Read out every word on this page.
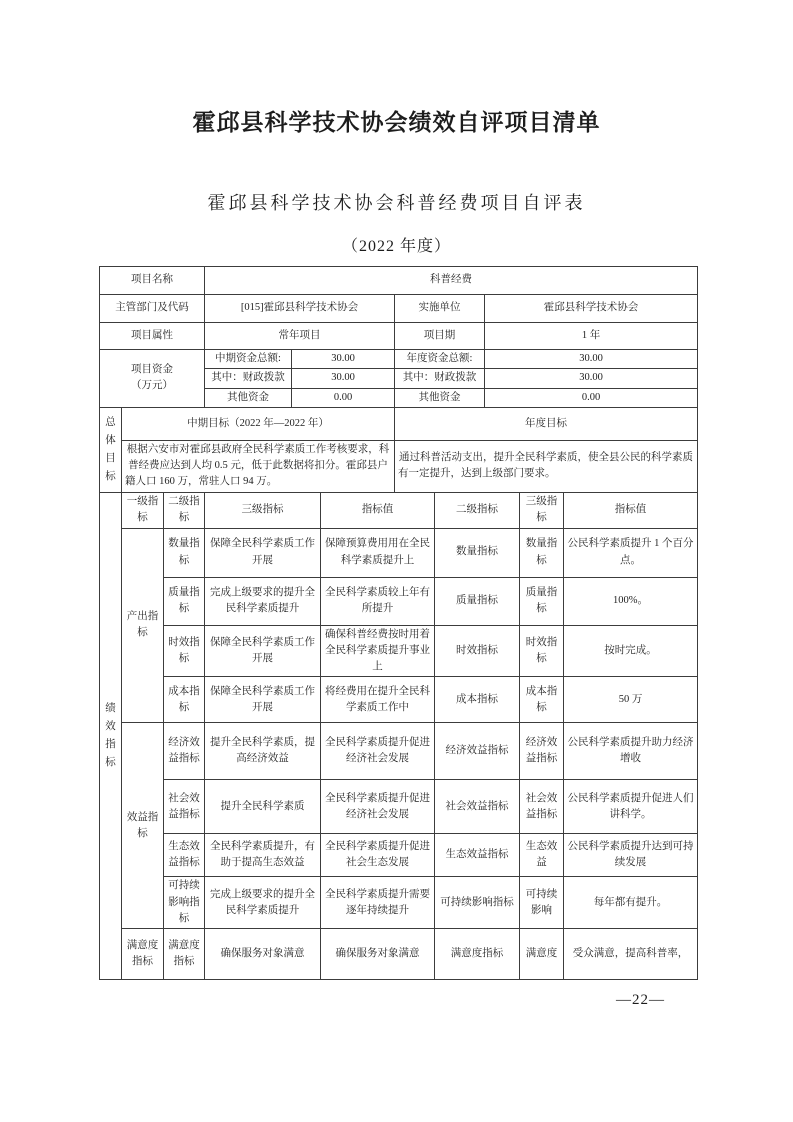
霍邱县科学技术协会绩效自评项目清单
霍邱县科学技术协会科普经费项目自评表
（2022 年度）
项目名称			科普经费							
主管部门及代码			[015]霍邱县科学技术协会			实施单位		霍邱县科学技术协会		
项目属性			常年项目			项目期		1 年		

项目资金
（万元）			中期资金总额:	30.00		年度资金总额:		30.00		
			其中：财政拨款	30.00		其中：财政拨款		30.00		
			其他资金	0.00		其他资金		0.00		

总体目标	中期目标（2022 年—2022 年）					年度目标				
	根据六安市对霍邱县政府全民科学素质工作考核要求，科普经费应达到人均 0.5 元，低于此数据将扣分。霍邱县户籍人口 160 万，常驻人口 94 万。					通过科普活动支出，提升全民科学素质，使全县公民的科学素质有一定提升，达到上级部门要求。				

绩效指标	一级指标	二级指标	三级指标		指标值		二级指标		三级指标	指标值
	产出指标	数量指标	保障全民科学素质工作开展		保障预算费用用在全民科学素质提升上		数量指标		数量指标	公民科学素质提升 1 个百分点。
		质量指标	完成上级要求的提升全民科学素质提升		全民科学素质较上年有所提升		质量指标		质量指标	100%。
		时效指标	保障全民科学素质工作开展		确保科普经费按时用着全民科学素质提升事业上		时效指标		时效指标	按时完成。
		成本指标	保障全民科学素质工作开展		将经费用在提升全民科学素质工作中		成本指标		成本指标	50 万
	效益指标	经济效益指标	提升全民科学素质，提高经济效益		全民科学素质提升促进经济社会发展		经济效益指标		经济效益指标	公民科学素质提升助力经济增收
		社会效益指标	提升全民科学素质		全民科学素质提升促进经济社会发展		社会效益指标		社会效益指标	公民科学素质提升促进人们讲科学。
		生态效益指标	全民科学素质提升，有助于提高生态效益		全民科学素质提升促进社会生态发展		生态效益指标		生态效益	公民科学素质提升达到可持续发展
		可持续影响指标	完成上级要求的提升全民科学素质提升		全民科学素质提升需要逐年持续提升		可持续影响指标		可持续影响	每年都有提升。
	满意度指标	满意度指标	确保服务对象满意		确保服务对象满意		满意度指标		满意度	受众满意，提高科普率，
—22—
